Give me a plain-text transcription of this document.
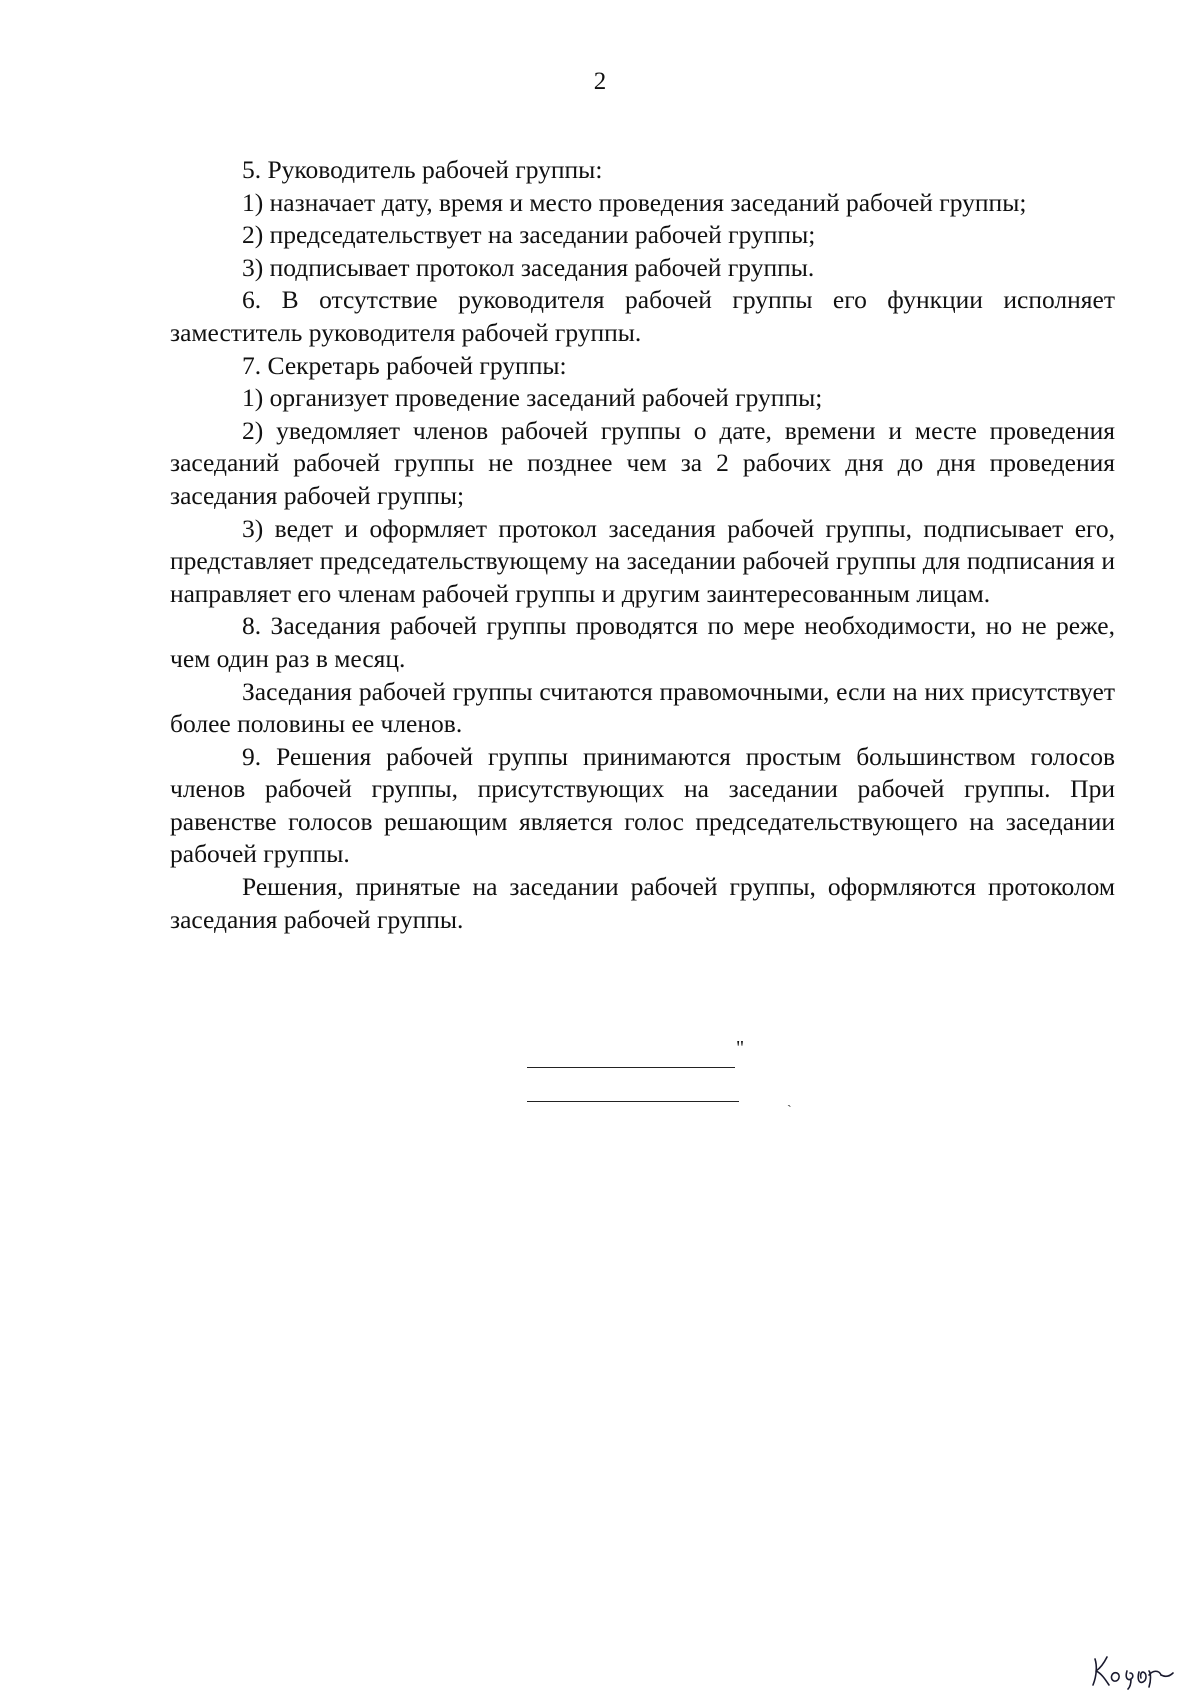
2

5. Руководитель рабочей группы:

1) назначает дату, время и место проведения заседаний рабочей группы;

2) председательствует на заседании рабочей группы;

3) подписывает протокол заседания рабочей группы.

6. В отсутствие руководителя рабочей группы его функции исполняет заместитель руководителя рабочей группы.

7. Секретарь рабочей группы:

1) организует проведение заседаний рабочей группы;

2) уведомляет членов рабочей группы о дате, времени и месте проведения заседаний рабочей группы не позднее чем за 2 рабочих дня до дня проведения заседания рабочей группы;

3) ведет и оформляет протокол заседания рабочей группы, подписывает его, представляет председательствующему на заседании рабочей группы для подписания и направляет его членам рабочей группы и другим заинтересованным лицам.

8. Заседания рабочей группы проводятся по мере необходимости, но не реже, чем один раз в месяц.

Заседания рабочей группы считаются правомочными, если на них присутствует более половины ее членов.

9. Решения рабочей группы принимаются простым большинством голосов членов рабочей группы, присутствующих на заседании рабочей группы. При равенстве голосов решающим является голос председательствующего на заседании рабочей группы.

Решения, принятые на заседании рабочей группы, оформляются протоколом заседания рабочей группы.

"
ˏ
